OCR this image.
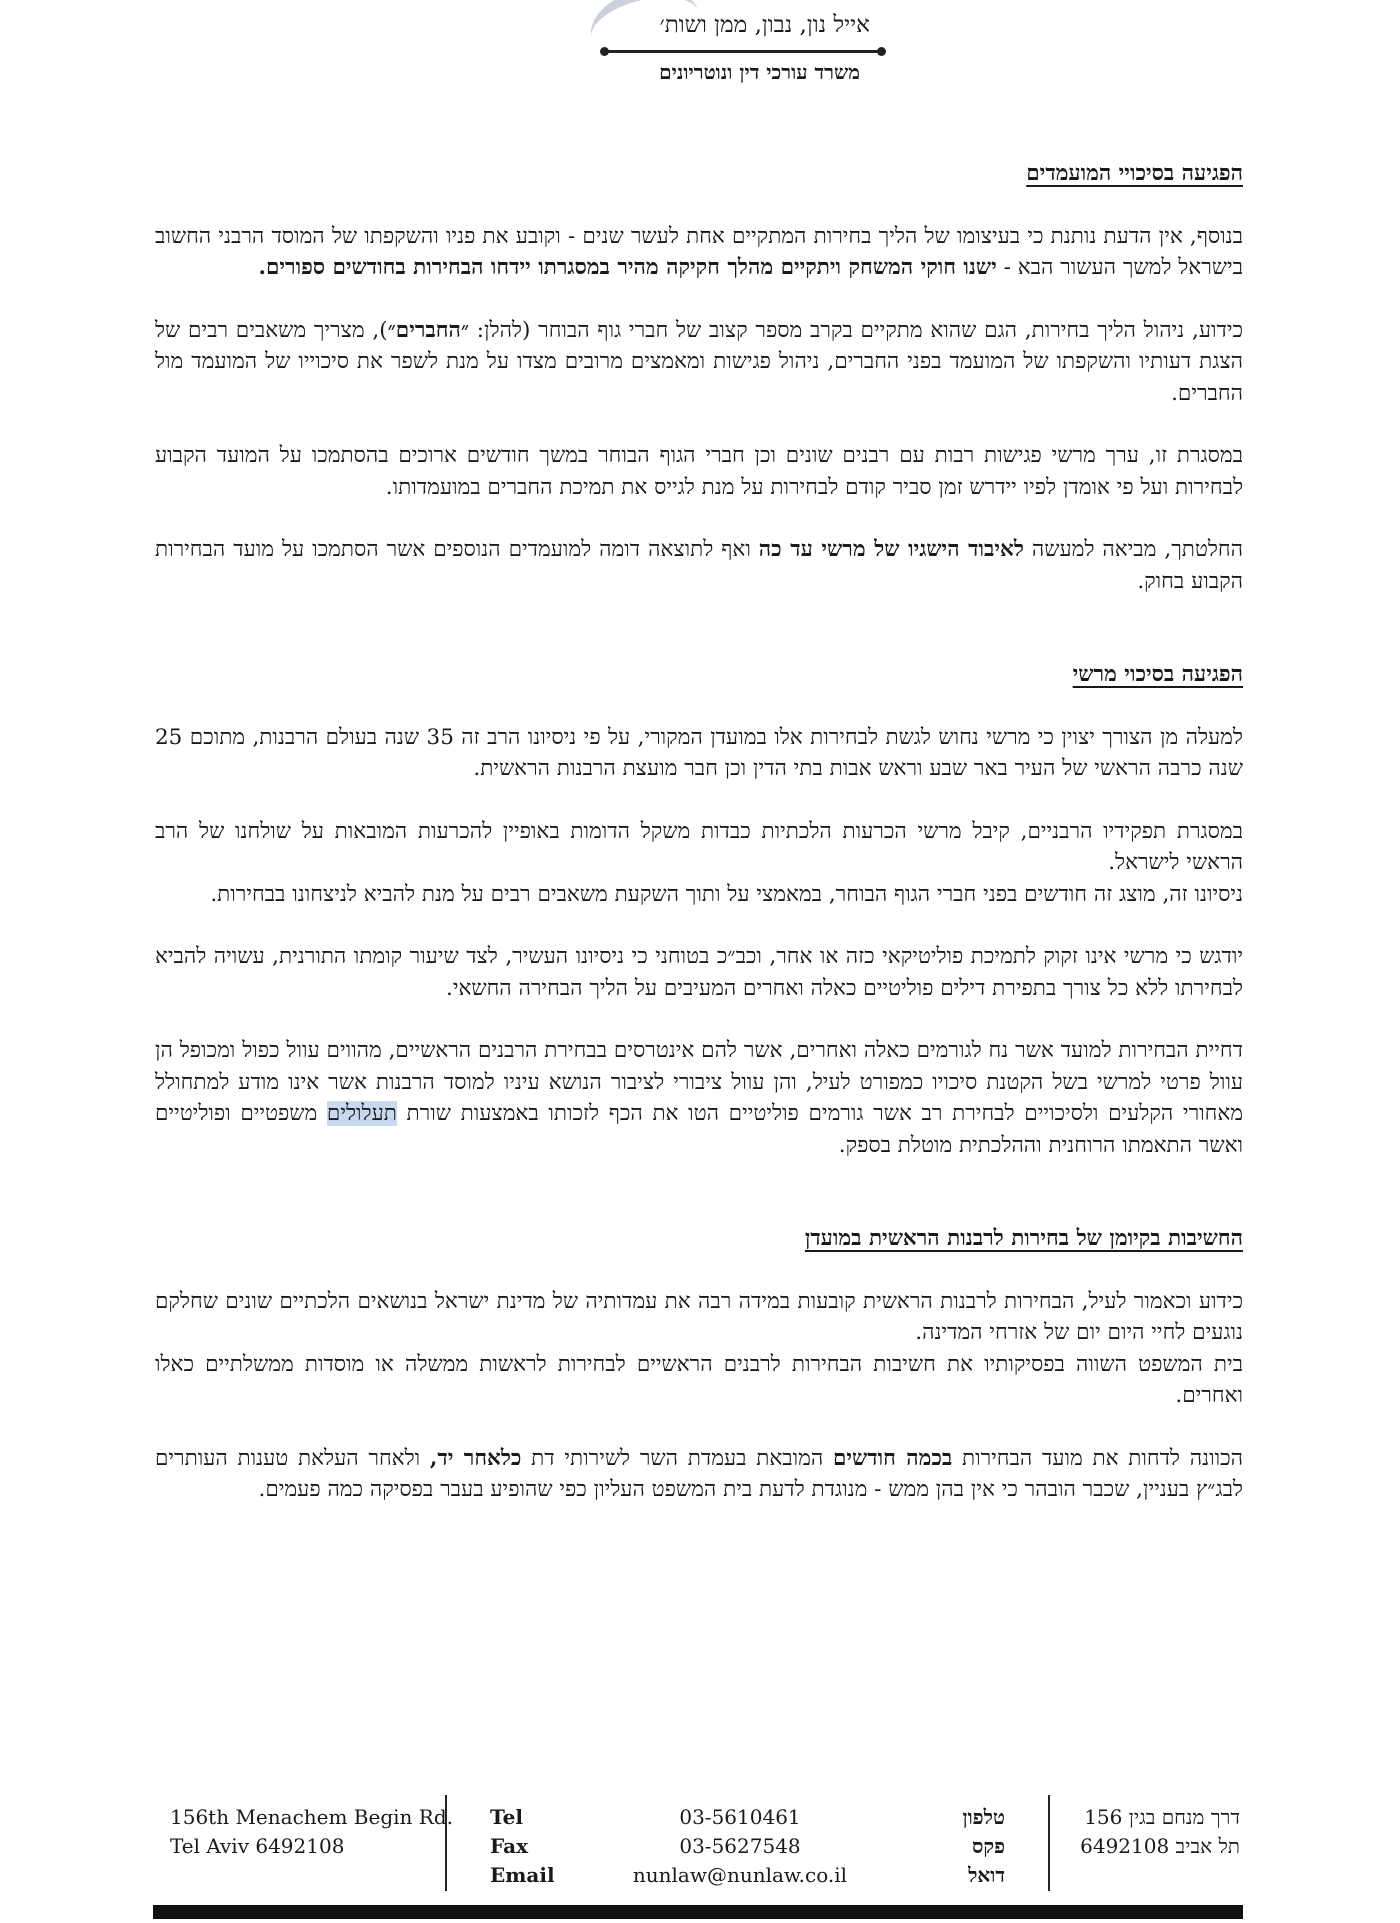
אייל נון, נבון, ממן ושות׳
משרד עורכי דין ונוטריונים
הפגיעה בסיכויי המועמדים

בנוסף, אין הדעת נותנת כי בעיצומו של הליך בחירות המתקיים אחת לעשר שנים - וקובע את פניו והשקפתו של המוסד הרבני החשוב בישראל למשך העשור הבא - ישנו חוקי המשחק ויתקיים מהלך חקיקה מהיר במסגרתו יידחו הבחירות בחודשים ספורים.

כידוע, ניהול הליך בחירות, הגם שהוא מתקיים בקרב מספר קצוב של חברי גוף הבוחר (להלן: ״החברים״), מצריך משאבים רבים של הצגת דעותיו והשקפתו של המועמד בפני החברים, ניהול פגישות ומאמצים מרובים מצדו על מנת לשפר את סיכוייו של המועמד מול החברים.

במסגרת זו, ערך מרשי פגישות רבות עם רבנים שונים וכן חברי הגוף הבוחר במשך חודשים ארוכים בהסתמכו על המועד הקבוע לבחירות ועל פי אומדן לפיו יידרש זמן סביר קודם לבחירות על מנת לגייס את תמיכת החברים במועמדותו.

החלטתך, מביאה למעשה לאיבוד הישגיו של מרשי עד כה ואף לתוצאה דומה למועמדים הנוספים אשר הסתמכו על מועד הבחירות הקבוע בחוק.

הפגיעה בסיכוי מרשי

למעלה מן הצורך יצוין כי מרשי נחוש לגשת לבחירות אלו במועדן המקורי, על פי ניסיונו הרב זה 35 שנה בעולם הרבנות, מתוכם 25 שנה כרבה הראשי של העיר באר שבע וראש אבות בתי הדין וכן חבר מועצת הרבנות הראשית.

במסגרת תפקידיו הרבניים, קיבל מרשי הכרעות הלכתיות כבדות משקל הדומות באופיין להכרעות המובאות על שולחנו של הרב הראשי לישראל.

ניסיונו זה, מוצג זה חודשים בפני חברי הגוף הבוחר, במאמצי על ותוך השקעת משאבים רבים על מנת להביא לניצחונו בבחירות.

יודגש כי מרשי אינו זקוק לתמיכת פוליטיקאי כזה או אחר, וכב״כ בטוחני כי ניסיונו העשיר, לצד שיעור קומתו התורנית, עשויה להביא לבחירתו ללא כל צורך בתפירת דילים פוליטיים כאלה ואחרים המעיבים על הליך הבחירה החשאי.

דחיית הבחירות למועד אשר נח לגורמים כאלה ואחרים, אשר להם אינטרסים בבחירת הרבנים הראשיים, מהווים עוול כפול ומכופל הן עוול פרטי למרשי בשל הקטנת סיכויו כמפורט לעיל, והן עוול ציבורי לציבור הנושא עיניו למוסד הרבנות אשר אינו מודע למתחולל מאחורי הקלעים ולסיכויים לבחירת רב אשר גורמים פוליטיים הטו את הכף לזכותו באמצעות שורת תעלולים משפטיים ופוליטיים ואשר התאמתו הרוחנית וההלכתית מוטלת בספק.

החשיבות בקיומן של בחירות לרבנות הראשית במועדן

כידוע וכאמור לעיל, הבחירות לרבנות הראשית קובעות במידה רבה את עמדותיה של מדינת ישראל בנושאים הלכתיים שונים שחלקם נוגעים לחיי היום יום של אזרחי המדינה.

בית המשפט השווה בפסיקותיו את חשיבות הבחירות לרבנים הראשיים לבחירות לראשות ממשלה או מוסדות ממשלתיים כאלו ואחרים.

הכוונה לדחות את מועד הבחירות בכמה חודשים המובאת בעמדת השר לשירותי דת כלאחר יד, ולאחר העלאת טענות העותרים לבג״ץ בעניין, שכבר הובהר כי אין בהן ממש - מנוגדת לדעת בית המשפט העליון כפי שהופיע בעבר בפסיקה כמה פעמים.

156th Menachem Begin Rd.
Tel Aviv 6492108
Tel
Fax
Email
03-5610461
03-5627548
nunlaw@nunlaw.co.il
טלפון
פקס
דואל
דרך מנחם בגין 156
תל אביב 6492108
